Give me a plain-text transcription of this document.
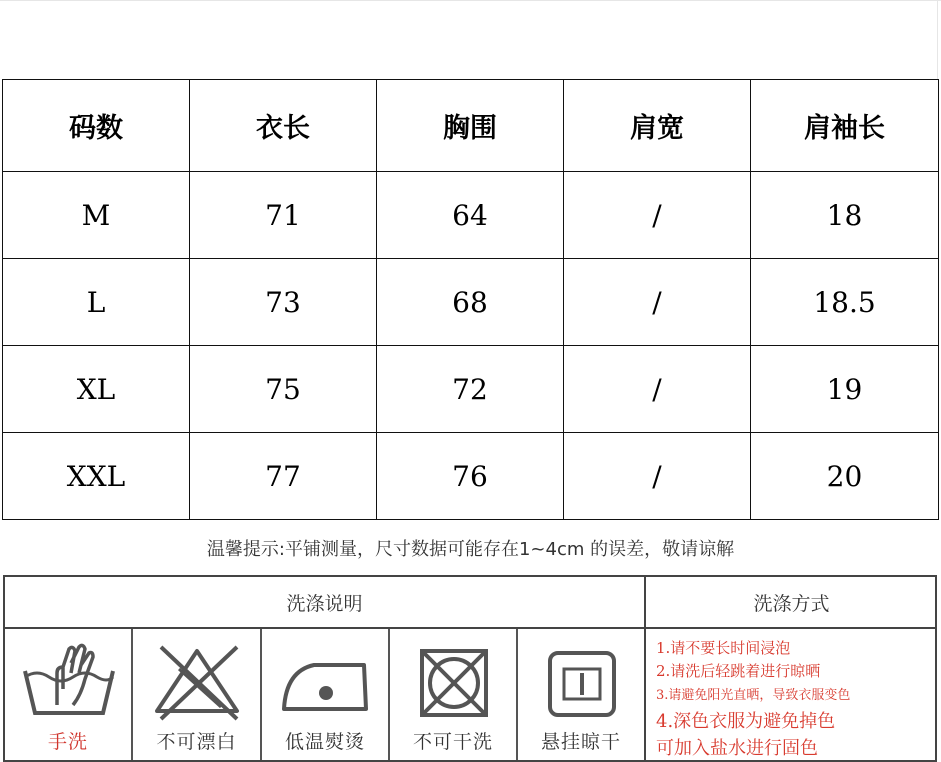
码数	衣长	胸围	肩宽	肩袖长
M	71	64	/	18
L	73	68	/	18.5
XL	75	72	/	19
XXL	77	76	/	20
温馨提示:平铺测量，尺寸数据可能存在1~4cm 的误差，敬请谅解
洗涤说明	洗涤方式
手洗	不可漂白	低温熨烫	不可干洗	悬挂晾干
1.请不要长时间浸泡
2.请洗后轻跳着进行晾晒
3.请避免阳光直晒，导致衣服变色
4.深色衣服为避免掉色
可加入盐水进行固色
